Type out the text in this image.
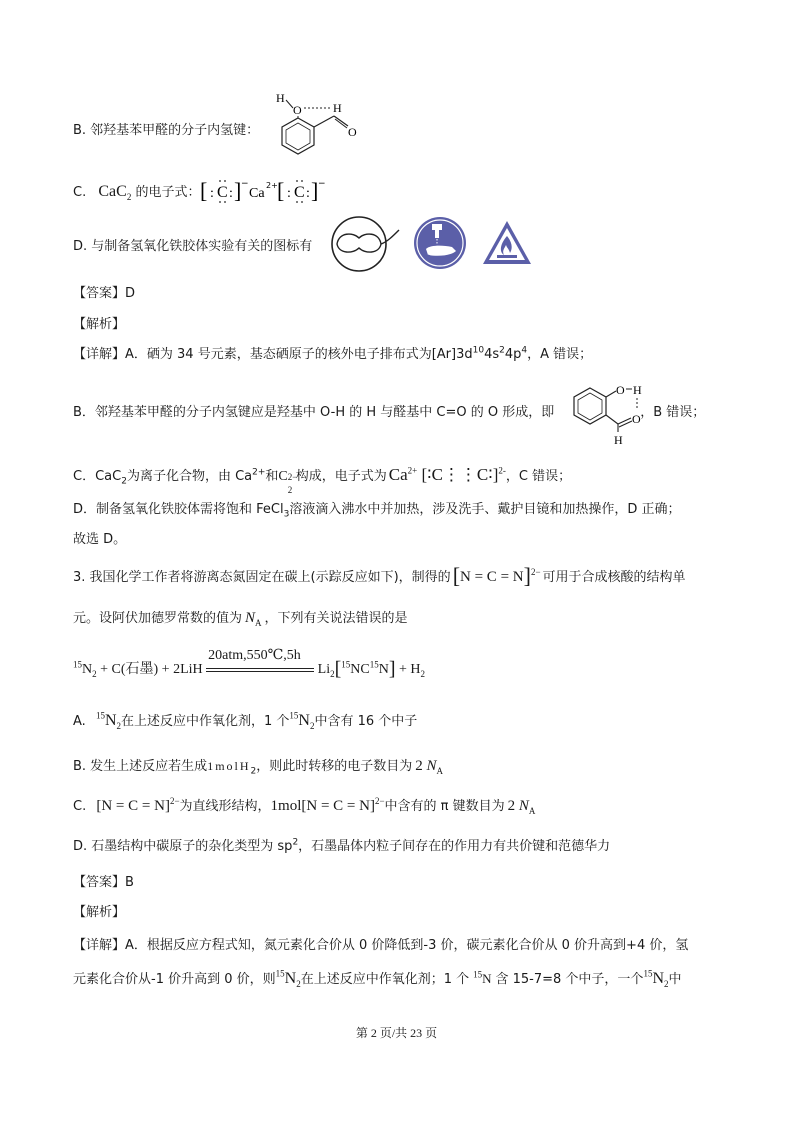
B. 邻羟基苯甲醛的分子内氢键：
H
O	H
O
C. CaC$_2$ 的电子式： [ : C : ] −
Ca
2+ [ : C : ] −
D. 与制备氢氧化铁胶体实验有关的图标有
【答案】D
【解析】
【详解】A．硒为 34 号元素，基态硒原子的核外电子排布式为$[Ar]3d^{10}4s^24p^4$，A 错误；
B．邻羟基苯甲醛的分子内氢键应是羟基中 O-H 的 H 与醛基中 C=O 的 O 形成，即	，B 错误；
O H
O
H
C．CaC$_2$为离子化合物，由 $Ca^{2+}$和C 2−
2
构成，电子式为 $Ca^{2+}$ [∶C⋮⋮C∶]$^{2-}$，C 错误；
D．制备氢氧化铁胶体需将饱和 FeCl$_3$溶液滴入沸水中并加热，涉及洗手、戴护目镜和加热操作，D 正确；
故选 D。
3. 我国化学工作者将游离态氮固定在碳上(示踪反应如下)，制得的[N = C = N]$^{2-}$ 可用于合成核酸的结构单
元。设阿伏加德罗常数的值为 $N_A$ ，下列有关说法错误的是
$^{15}N_2 + C$(石墨) + 2LiH
20atm,550℃,5h
$Li_2[^{15}NC^{15}N] + H_2$
A. $^{15}N_2$在上述反应中作氧化剂，1 个$^{15}N_2$中含有 16 个中子
B. 发生上述反应若生成1molH$_2$，则此时转移的电子数目为 2 $N_A$
C. [N = C = N]$^{2-}$为直线形结构，1mol[N = C = N]$^{2-}$中含有的 π 键数目为 2 $N_A$
D. 石墨结构中碳原子的杂化类型为 $sp^2$，石墨晶体内粒子间存在的作用力有共价键和范德华力
【答案】B
【解析】
【详解】A．根据反应方程式知，氮元素化合价从 0 价降低到-3 价，碳元素化合价从 0 价升高到+4 价，氢
元素化合价从-1 价升高到 0 价，则$^{15}N_2$在上述反应中作氧化剂；1 个 $^{15}$N 含 15-7=8 个中子，一个$^{15}N_2$中
第 2 页/共 23 页
